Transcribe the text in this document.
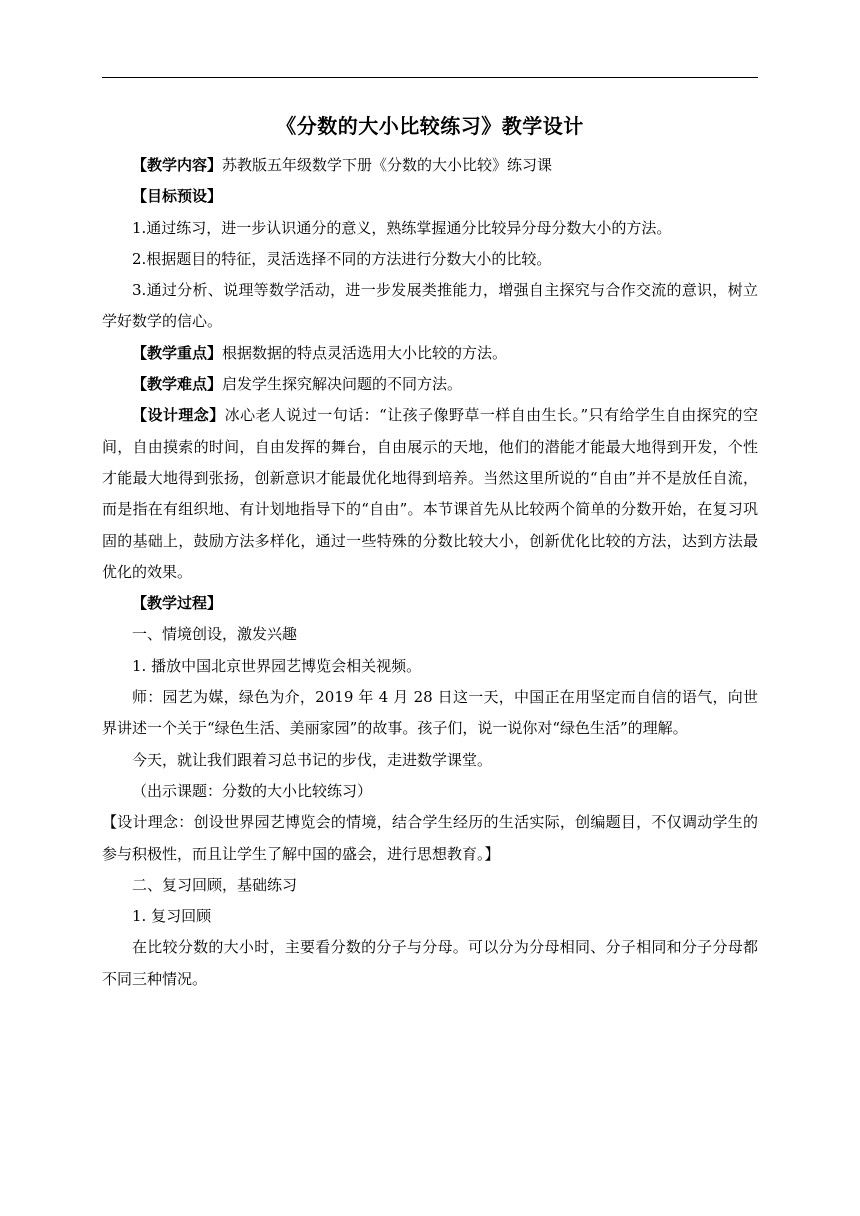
《分数的大小比较练习》教学设计

【教学内容】苏教版五年级数学下册《分数的大小比较》练习课

【目标预设】

1.通过练习，进一步认识通分的意义，熟练掌握通分比较异分母分数大小的方法。

2.根据题目的特征，灵活选择不同的方法进行分数大小的比较。

3.通过分析、说理等数学活动，进一步发展类推能力，增强自主探究与合作交流的意识，树立学好数学的信心。

【教学重点】根据数据的特点灵活选用大小比较的方法。

【教学难点】启发学生探究解决问题的不同方法。

【设计理念】冰心老人说过一句话：“让孩子像野草一样自由生长。”只有给学生自由探究的空间，自由摸索的时间，自由发挥的舞台，自由展示的天地，他们的潜能才能最大地得到开发，个性才能最大地得到张扬，创新意识才能最优化地得到培养。当然这里所说的“自由”并不是放任自流，而是指在有组织地、有计划地指导下的“自由”。本节课首先从比较两个简单的分数开始，在复习巩固的基础上，鼓励方法多样化，通过一些特殊的分数比较大小，创新优化比较的方法，达到方法最优化的效果。

【教学过程】

一、情境创设，激发兴趣

1. 播放中国北京世界园艺博览会相关视频。

师：园艺为媒，绿色为介，2019 年 4 月 28 日这一天，中国正在用坚定而自信的语气，向世界讲述一个关于“绿色生活、美丽家园”的故事。孩子们，说一说你对“绿色生活”的理解。

今天，就让我们跟着习总书记的步伐，走进数学课堂。

（出示课题：分数的大小比较练习）

【设计理念：创设世界园艺博览会的情境，结合学生经历的生活实际，创编题目，不仅调动学生的参与积极性，而且让学生了解中国的盛会，进行思想教育。】

二、复习回顾，基础练习

1. 复习回顾

在比较分数的大小时，主要看分数的分子与分母。可以分为分母相同、分子相同和分子分母都不同三种情况。
